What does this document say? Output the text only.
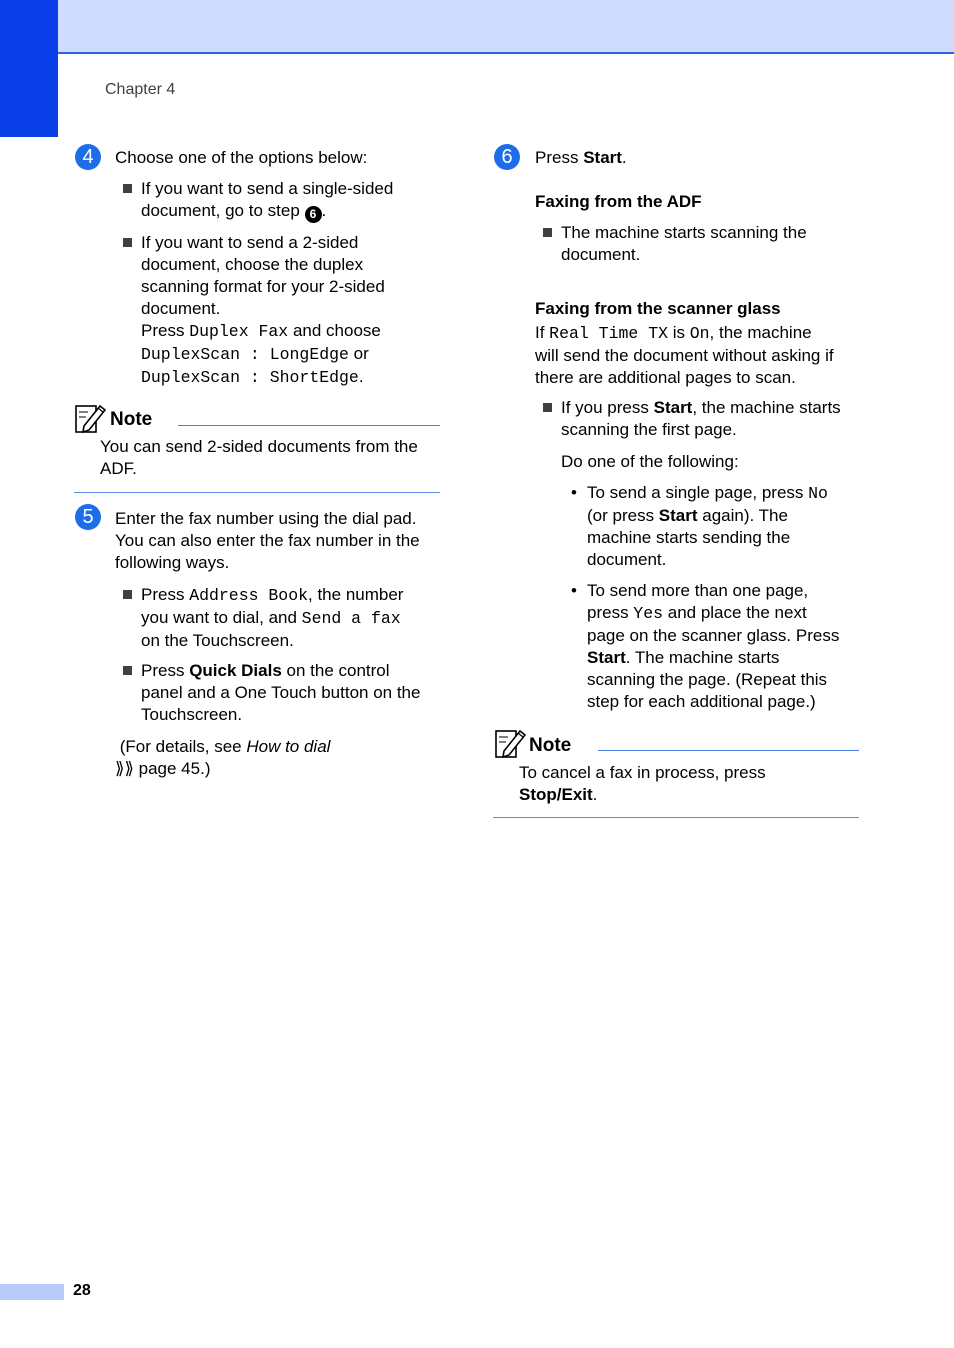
Chapter 4
4	Choose one of the options below:
If you want to send a single-sided document, go to step 6 .
If you want to send a 2-sided
document, choose the duplex
scanning format for your 2-sided
document.
Press Duplex Fax and choose
DuplexScan : LongEdge or
DuplexScan : ShortEdge.
Note
You can send 2-sided documents from the
ADF.
5	Enter the fax number using the dial pad.
You can also enter the fax number in the
following ways.
Press Address Book, the number
you want to dial, and Send a fax
on the Touchscreen.
Press Quick Dials on the control
panel and a One Touch button on the
Touchscreen.
(For details, see How to dial
⟫⟫ page 45.)
6	Press Start.
Faxing from the ADF
The machine starts scanning the
document.
Faxing from the scanner glass
If Real Time TX is On, the machine
will send the document without asking if
there are additional pages to scan.
If you press Start, the machine starts
scanning the first page.
Do one of the following:
• To send a single page, press No
(or press Start again). The
machine starts sending the
document.
• To send more than one page,
press Yes and place the next
page on the scanner glass. Press
Start. The machine starts
scanning the page. (Repeat this
step for each additional page.)
Note
To cancel a fax in process, press
Stop/Exit.
28
